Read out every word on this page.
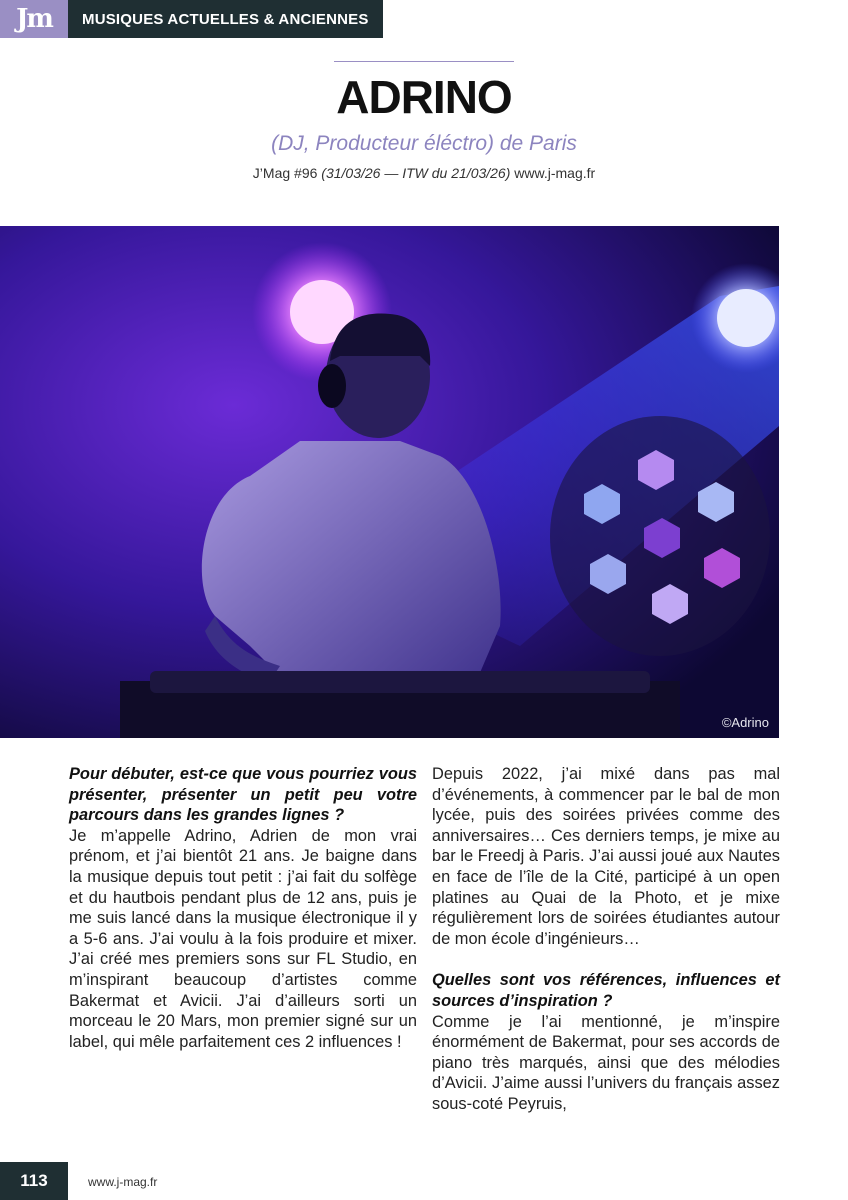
Jm	MUSIQUES ACTUELLES & ANCIENNES
ADRINO
(DJ, Producteur éléctro) de Paris
J’Mag #96 (31/03/26 — ITW du 21/03/26) www.j-mag.fr
©Adrino

Pour débuter, est-ce que vous pourriez vous présenter, présenter un petit peu votre parcours dans les grandes lignes ?

Je m’appelle Adrino, Adrien de mon vrai prénom, et j’ai bientôt 21 ans. Je baigne dans la musique depuis tout petit : j’ai fait du solfège et du hautbois pendant plus de 12 ans, puis je me suis lancé dans la musique électronique il y a 5-6 ans. J’ai voulu à la fois produire et mixer. J’ai créé mes premiers sons sur FL Studio, en m’inspirant beaucoup d’artistes comme Bakermat et Avicii. J’ai d’ailleurs sorti un morceau le 20 Mars, mon premier signé sur un label, qui mêle parfaitement ces 2 influences !

Depuis 2022, j’ai mixé dans pas mal d’événements, à commencer par le bal de mon lycée, puis des soirées privées comme des anniversaires… Ces derniers temps, je mixe au bar le Freedj à Paris. J’ai aussi joué aux Nautes en face de l’île de la Cité, participé à un open platines au Quai de la Photo, et je mixe régulièrement lors de soirées étudiantes autour de mon école d’ingénieurs…

Quelles sont vos références, influences et sources d’inspiration ?

Comme je l’ai mentionné, je m’inspire énormément de Bakermat, pour ses accords de piano très marqués, ainsi que des mélodies d’Avicii. J’aime aussi l’univers du français assez sous-coté Peyruis,

113	www.j-mag.fr
